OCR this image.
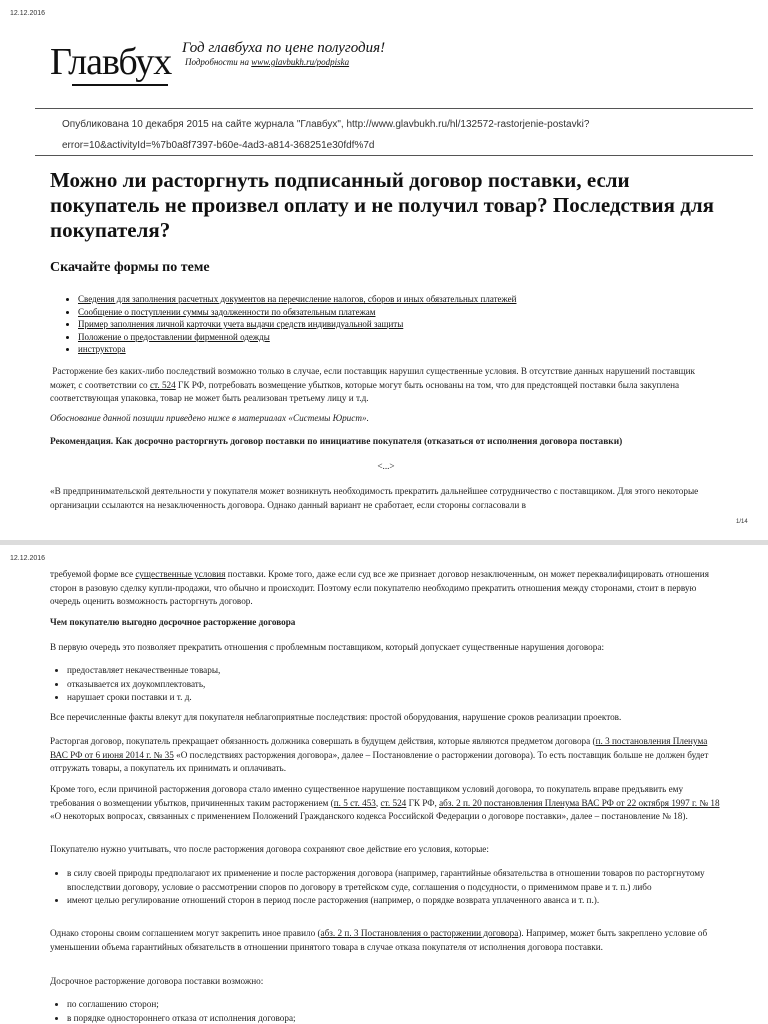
12.12.2016
Главбух Год главбуха по цене полугодия!
Подробности на www.glavbukh.ru/podpiska
Опубликована 10 декабря 2015 на сайте журнала "Главбух", http://www.glavbukh.ru/hl/132572-rastorjenie-postavki?
error=10&activityId=%7b0a8f7397-b60e-4ad3-a814-368251e30fdf%7d
Можно ли расторгнуть подписанный договор поставки, если покупатель не произвел оплату и не получил товар? Последствия для покупателя?
Скачайте формы по теме
• Сведения для заполнения расчетных документов на перечисление налогов, сборов и иных обязательных платежей
• Сообщение о поступлении суммы задолженности по обязательным платежам
• Пример заполнения личной карточки учета выдачи средств индивидуальной защиты
• Положение о предоставлении фирменной одежды
• инструктора
Расторжение без каких-либо последствий возможно только в случае, если поставщик нарушил существенные условия. В отсутствие данных нарушений поставщик может, с соответствии со ст. 524 ГК РФ, потребовать возмещение убытков, которые могут быть основаны на том, что для предстоящей поставки была закуплена соответствующая упаковка, товар не может быть реализован третьему лицу и т.д.
Обоснование данной позиции приведено ниже в материалах «Системы Юрист».
Рекомендация. Как досрочно расторгнуть договор поставки по инициативе покупателя (отказаться от исполнения договора поставки)
<...>
«В предпринимательской деятельности у покупателя может возникнуть необходимость прекратить дальнейшее сотрудничество с поставщиком. Для этого некоторые организации ссылаются на незаключенность договора. Однако данный вариант не сработает, если стороны согласовали в
1/14
12.12.2016
требуемой форме все существенные условия поставки. Кроме того, даже если суд все же признает договор незаключенным, он может переквалифицировать отношения сторон в разовую сделку купли-продажи, что обычно и происходит. Поэтому если покупателю необходимо прекратить отношения между сторонами, стоит в первую очередь оценить возможность расторгнуть договор.
Чем покупателю выгодно досрочное расторжение договора
В первую очередь это позволяет прекратить отношения с проблемным поставщиком, который допускает существенные нарушения договора:
• предоставляет некачественные товары,
• отказывается их доукомплектовать,
• нарушает сроки поставки и т. д.
Все перечисленные факты влекут для покупателя неблагоприятные последствия: простой оборудования, нарушение сроков реализации проектов.
Расторгая договор, покупатель прекращает обязанность должника совершать в будущем действия, которые являются предметом договора (п. 3 постановления Пленума ВАС РФ от 6 июня 2014 г. № 35 «О последствиях расторжения договора», далее – Постановление о расторжении договора). То есть поставщик больше не должен будет отгружать товары, а покупатель их принимать и оплачивать.
Кроме того, если причиной расторжения договора стало именно существенное нарушение поставщиком условий договора, то покупатель вправе предъявить ему требования о возмещении убытков, причиненных таким расторжением (п. 5 ст. 453, ст. 524 ГК РФ, абз. 2 п. 20 постановления Пленума ВАС РФ от 22 октября 1997 г. № 18 «О некоторых вопросах, связанных с применением Положений Гражданского кодекса Российской Федерации о договоре поставки», далее – постановление № 18).
Покупателю нужно учитывать, что после расторжения договора сохраняют свое действие его условия, которые:
• в силу своей природы предполагают их применение и после расторжения договора (например, гарантийные обязательства в отношении товаров по расторгнутому впоследствии договору, условие о рассмотрении споров по договору в третейском суде, соглашения о подсудности, о применимом праве и т. п.) либо
• имеют целью регулирование отношений сторон в период после расторжения (например, о порядке возврата уплаченного аванса и т. п.).
Однако стороны своим соглашением могут закрепить иное правило (абз. 2 п. 3 Постановления о расторжении договора). Например, может быть закреплено условие об уменьшении объема гарантийных обязательств в отношении принятого товара в случае отказа покупателя от исполнения договора поставки.
Досрочное расторжение договора поставки возможно:
• по соглашению сторон;
• в порядке одностороннего отказа от исполнения договора;
